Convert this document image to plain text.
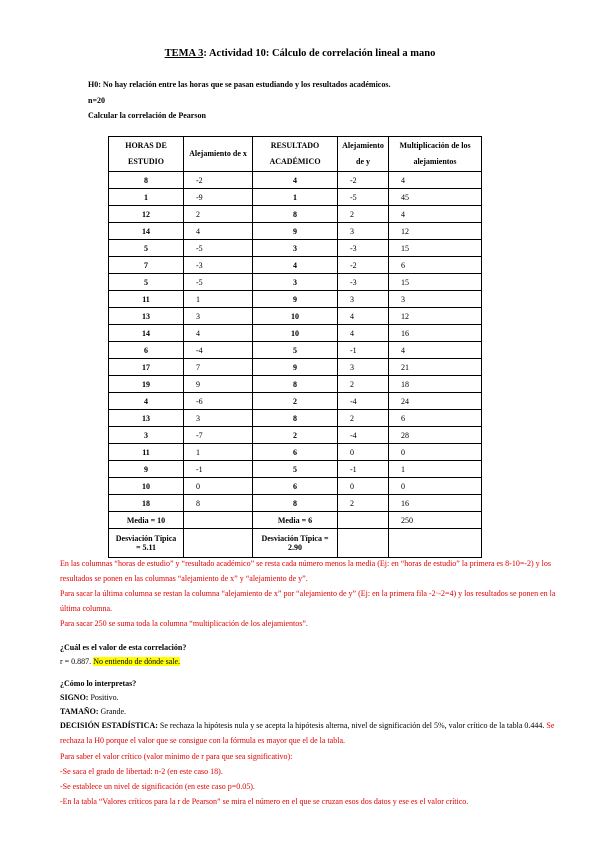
TEMA 3: Actividad 10: Cálculo de correlación lineal a mano
H0: No hay relación entre las horas que se pasan estudiando y los resultados académicos.
n=20
Calcular la correlación de Pearson
HORAS DE ESTUDIO	Alejamiento de x	RESULTADO ACADÉMICO	Alejamiento de y	Multiplicación de los alejamientos
8	-2	4	-2	4
1	-9	1	-5	45
12	2	8	2	4
14	4	9	3	12
5	-5	3	-3	15
7	-3	4	-2	6
5	-5	3	-3	15
11	1	9	3	3
13	3	10	4	12
14	4	10	4	16
6	-4	5	-1	4
17	7	9	3	21
19	9	8	2	18
4	-6	2	-4	24
13	3	8	2	6
3	-7	2	-4	28
11	1	6	0	0
9	-1	5	-1	1
10	0	6	0	0
18	8	8	2	16
Media = 10		Media = 6		250
Desviación Típica = 5.11		Desviación Típica = 2.90		
En las columnas “horas de estudio” y “resultado académico” se resta cada número menos la media (Ej: en “horas de estudio” la primera es 8-10=-2) y los resultados se ponen en las columnas “alejamiento de x” y “alejamiento de y”.
Para sacar la última columna se restan la columna “alejamiento de x” por “alejamiento de y” (Ej: en la primera fila -2·-2=4) y los resultados se ponen en la última columna.
Para sacar 250 se suma toda la columna “multiplicación de los alejamientos”.
¿Cuál es el valor de esta correlación?
r = 0.887. No entiendo de dónde sale.
¿Cómo lo interpretas?
SIGNO: Positivo.
TAMAÑO: Grande.
DECISIÓN ESTADÍSTICA: Se rechaza la hipótesis nula y se acepta la hipótesis alterna, nivel de significación del 5%, valor crítico de la tabla 0.444. Se rechaza la H0 porque el valor que se consigue con la fórmula es mayor que el de la tabla.
Para saber el valor crítico (valor mínimo de r para que sea significativo):
-Se saca el grado de libertad: n-2 (en este caso 18).
-Se establece un nivel de significación (en este caso p=0.05).
-En la tabla “Valores críticos para la r de Pearson” se mira el número en el que se cruzan esos dos datos y ese es el valor crítico.
